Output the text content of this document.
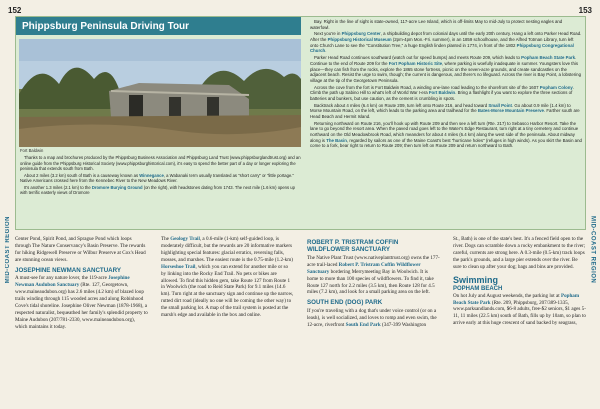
152	153
MID-COAST REGION	MID-COAST REGION
Phippsburg Peninsula Driving Tour
Fort Baldwin

Thanks to a map and brochures produced by the Phippsburg Business Association and Phippsburg Land Trust (www.phippsburglandtrust.org) and an online guide from the Phippsburg Historical Society (www.phippsburghistorical.com), it's easy to spend the better part of a day or longer exploring the peninsula that extends south from Bath.

About 2 miles (3.2 km) south of Bath is a causeway known as Winnegance, a Wabanaki term usually translated as "short carry" or "little portage." Native Americans crossed here from the Kennebec River to the New Meadows River.

It's another 1.3 miles (2.1 km) to the Dromore Burying Ground (on the right), with headstones dating from 1743. The next mile (1.6 km) opens up with terrific easterly views of Dromore

Bay. Right in the line of sight is state-owned, 117-acre Lee Island, which is off-limits May to mid-July to protect nesting eagles and waterfowl.

Next you're in Phippsburg Center, a shipbuilding depot from colonial days until the early 20th century. Hang a left onto Parker Head Road. After the Phippsburg Historical Museum (2pm-4pm Mon.-Fri. summer), in an 1859 schoolhouse, and the Alfred Totman Library, turn left onto Church Lane to see the "Constitution Tree," a huge English linden planted in 1774, in front of the 1802 Phippsburg Congregational Church.

Parker Head Road continues southward (watch out for speed bumps) and meets Route 209, which leads to Popham Beach State Park. Continue to the end of Route 209 for the Fort Popham Historic Site, where parking is woefully inadequate in summer. Youngsters love this place—they can fish from the rocks, explore the 1865 stone fortress, picnic on the seven-acre grounds, and create sandcastles on the adjacent beach. Resist the urge to swim, though; the current is dangerous, and there's no lifeguard. Across the river is Bay Point, a lobstering village at the tip of the Georgetown Peninsula.

Across the cove from the fort is Fort Baldwin Road, a winding one-lane road leading to the shorefront site of the 1607 Popham Colony. Climb the path up Sabino Hill to what's left of World War I-era Fort Baldwin. Bring a flashlight if you want to explore the three sections of batteries and bunkers, but use caution, as the cement is crumbling in spots.

Backtrack about 4 miles (6.4 km) on Route 209, turn left onto Route 216, and head toward Small Point. Go about 0.9 mile (1.4 km) to Morse Mountain Road, on the left, which leads to the parking area and trailhead for the Bates-Morse Mountain Preserve. Farther south are Head Beach and Hermit Island.

Returning northward on Route 216, you'll hook up with Route 209 and then see a left turn (Rte. 217) to Sebasco Harbor Resort. Take the lane to go beyond the resort area. When the paved road goes left to the Water's Edge Restaurant, turn right at a tiny cemetery and continue northward on the Old Meadowbrook Road, which meanders for about 4 miles (6.4 km) along the west side of the peninsula. About midway along is The Basin, regarded by sailors as one of the Maine Coast's best "hurricane holes" (refuges in high winds). As you skirt the Basin and come to a fork, bear right to return to Route 209; then turn left on Route 209 and return northward to Bath.

Center Pond, Spirit Pond, and Sprague Pond which loops through The Nature Conservancy's Basin Preserve. The rewards for hiking Ridgewell Preserve or Wilbur Preserve at Cox's Head are stunning ocean views.

JOSEPHINE NEWMAN SANCTUARY

A must-see for any nature lover, the 119-acre Josephine Newman Audubon Sanctuary (Rte. 127, Georgetown, www.maineaudubon.org) has 2.6 miles (4.2 km) of blazed loop trails winding through 115 wooded acres and along Robinhood Cove's tidal shoreline. Josephine Oliver Newman (1878-1968), a respected naturalist, bequeathed her family's splendid property to Maine Audubon (207/781-2330, www.maineaudubon.org), which maintains it today.

The Geology Trail, a 0.6-mile (1-km) self-guided loop, is moderately difficult, but the rewards are 20 informative markers highlighting special features: glacial erratics, reversing falls, mosses, and marshes. The easiest route is the 0.75-mile (1.2-km) Horseshoe Trail, which you can extend for another mile or so by linking into the Rocky End Trail. No pets or bikes are allowed. To find this hidden gem, take Route 127 from Route 1 in Woolwich (the road to Reid State Park) for 9.1 miles (14.6 km). Turn right at the sanctuary sign and continue up the narrow, rutted dirt road (ideally no one will be coming the other way) to the small parking lot. A map of the trail system is posted at the marsh's edge and available in the box and online.

ROBERT P. TRISTRAM COFFIN WILDFLOWER SANCTUARY

The Native Plant Trust (www.nativeplanttrust.org) owns the 177-acre trail-laced Robert P. Tristram Coffin Wildflower Sanctuary bordering Merrymeeting Bay in Woolwich. It is home to more than 100 species of wildflowers. To find it, take Route 127 north for 2.2 miles (3.5 km), then Route 128 for 4.5 miles (7.2 km), and look for a small parking area on the left.

SOUTH END (DOG) PARK

If you're traveling with a dog that's under voice control (or on a leash), is well socialized, and loves to romp and even swim, the 12-acre, riverfront South End Park (347-399 Washington

St., Bath) is one of the state's best. It's a fenced field open to the river. Dogs can scramble down a rocky embankment to the river; careful, currents are strong here. A 0.3-mile (0.5-km) track loops the park's grounds, and a large pier extends over the river. Be sure to clean up after your dog; bags and bins are provided.

Swimming
POPHAM BEACH

On hot July and August weekends, the parking lot at Popham Beach State Park (Rte. 209, Phippsburg, 207/389-1335, www.parksandlands.com, $6-8 adults, free-$2 seniors, $1 ages 5-11, 11 miles (22.5 km) south of Bath, fills up by 10am, so plan to arrive early at this huge crescent of sand backed by seagrass,
